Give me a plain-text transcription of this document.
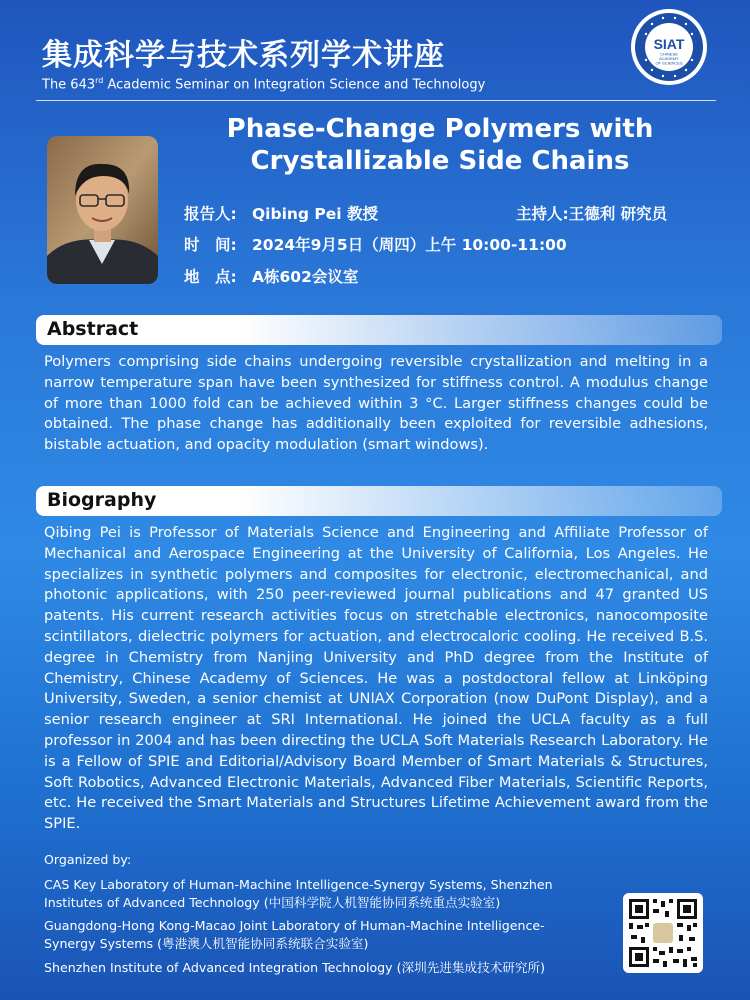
集成科学与技术系列学术讲座
The 643rd Academic Seminar on Integration Science and Technology
SIAT
CHINESE
ACADEMY
OF SCIENCES
Phase-Change Polymers with
Crystallizable Side Chains
报告人: Qibing Pei 教授	主持人:王德利 研究员
时　间: 2024年9月5日（周四）上午 10:00-11:00
地　点: A栋602会议室
Abstract
Polymers comprising side chains undergoing reversible crystallization and melting in a narrow temperature span have been synthesized for stiffness control. A modulus change of more than 1000 fold can be achieved within 3 °C. Larger stiffness changes could be obtained. The phase change has additionally been exploited for reversible adhesions, bistable actuation, and opacity modulation (smart windows).
Biography
Qibing Pei is Professor of Materials Science and Engineering and Affiliate Professor of Mechanical and Aerospace Engineering at the University of California, Los Angeles. He specializes in synthetic polymers and composites for electronic, electromechanical, and photonic applications, with 250 peer-reviewed journal publications and 47 granted US patents. His current research activities focus on stretchable electronics, nanocomposite scintillators, dielectric polymers for actuation, and electrocaloric cooling. He received B.S. degree in Chemistry from Nanjing University and PhD degree from the Institute of Chemistry, Chinese Academy of Sciences. He was a postdoctoral fellow at Linköping University, Sweden, a senior chemist at UNIAX Corporation (now DuPont Display), and a senior research engineer at SRI International. He joined the UCLA faculty as a full professor in 2004 and has been directing the UCLA Soft Materials Research Laboratory. He is a Fellow of SPIE and Editorial/Advisory Board Member of Smart Materials & Structures, Soft Robotics, Advanced Electronic Materials, Advanced Fiber Materials, Scientific Reports, etc. He received the Smart Materials and Structures Lifetime Achievement award from the SPIE.
Organized by:
CAS Key Laboratory of Human-Machine Intelligence-Synergy Systems, Shenzhen
Institutes of Advanced Technology (中国科学院人机智能协同系统重点实验室)
Guangdong-Hong Kong-Macao Joint Laboratory of Human-Machine Intelligence-
Synergy Systems (粤港澳人机智能协同系统联合实验室)
Shenzhen Institute of Advanced Integration Technology (深圳先进集成技术研究所)
